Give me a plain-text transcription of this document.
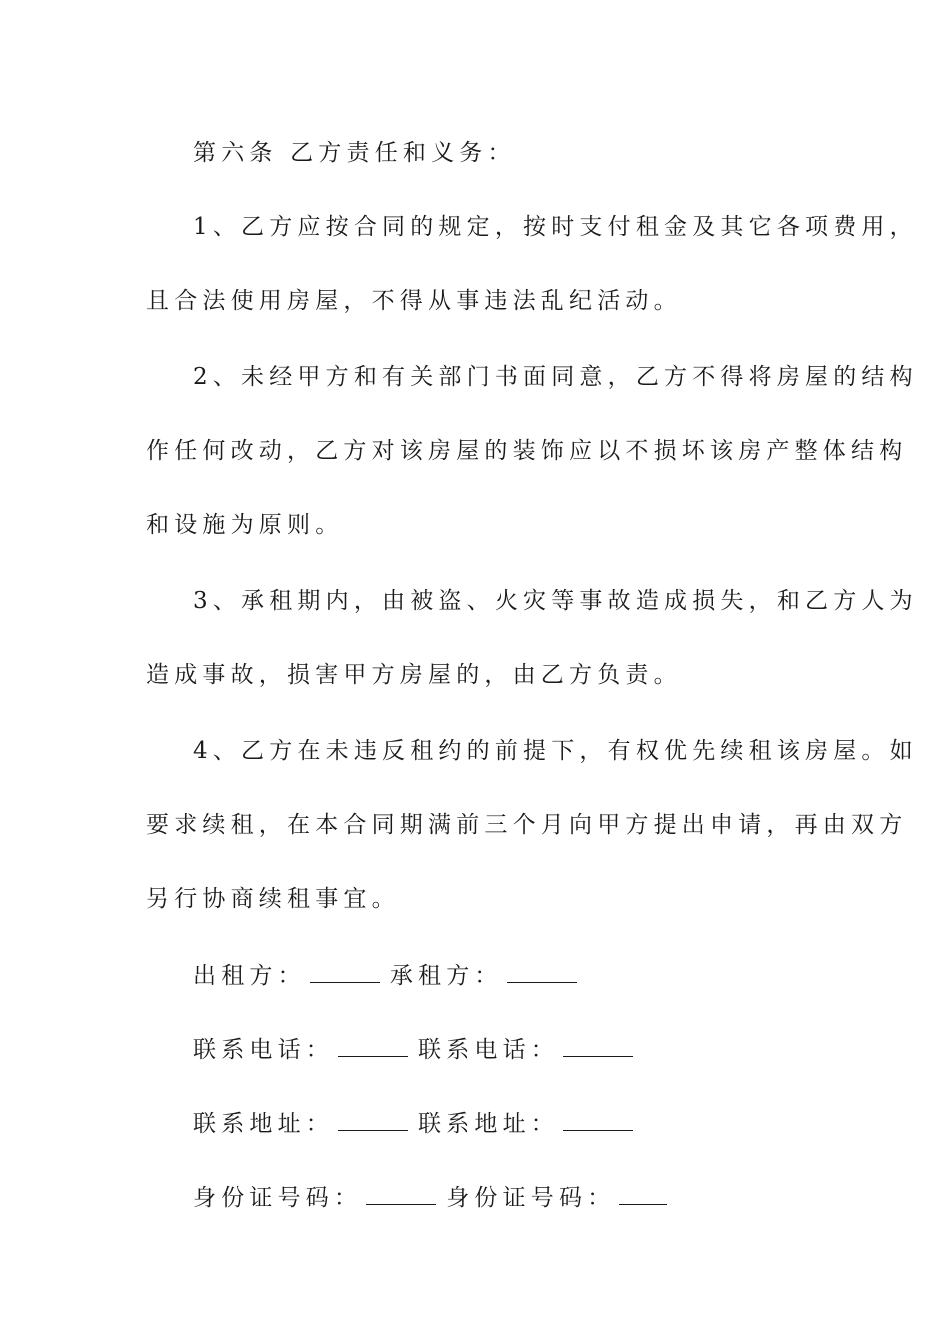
第六条 乙方责任和义务：
1、乙方应按合同的规定，按时支付租金及其它各项费用，
且合法使用房屋，不得从事违法乱纪活动。
2、未经甲方和有关部门书面同意，乙方不得将房屋的结构
作任何改动，乙方对该房屋的装饰应以不损坏该房产整体结构
和设施为原则。
3、承租期内，由被盗、火灾等事故造成损失，和乙方人为
造成事故，损害甲方房屋的，由乙方负责。
4、乙方在未违反租约的前提下，有权优先续租该房屋。如
要求续租，在本合同期满前三个月向甲方提出申请，再由双方
另行协商续租事宜。
出租方：	承租方：
联系电话：	联系电话：
联系地址：	联系地址：
身份证号码：	身份证号码：
